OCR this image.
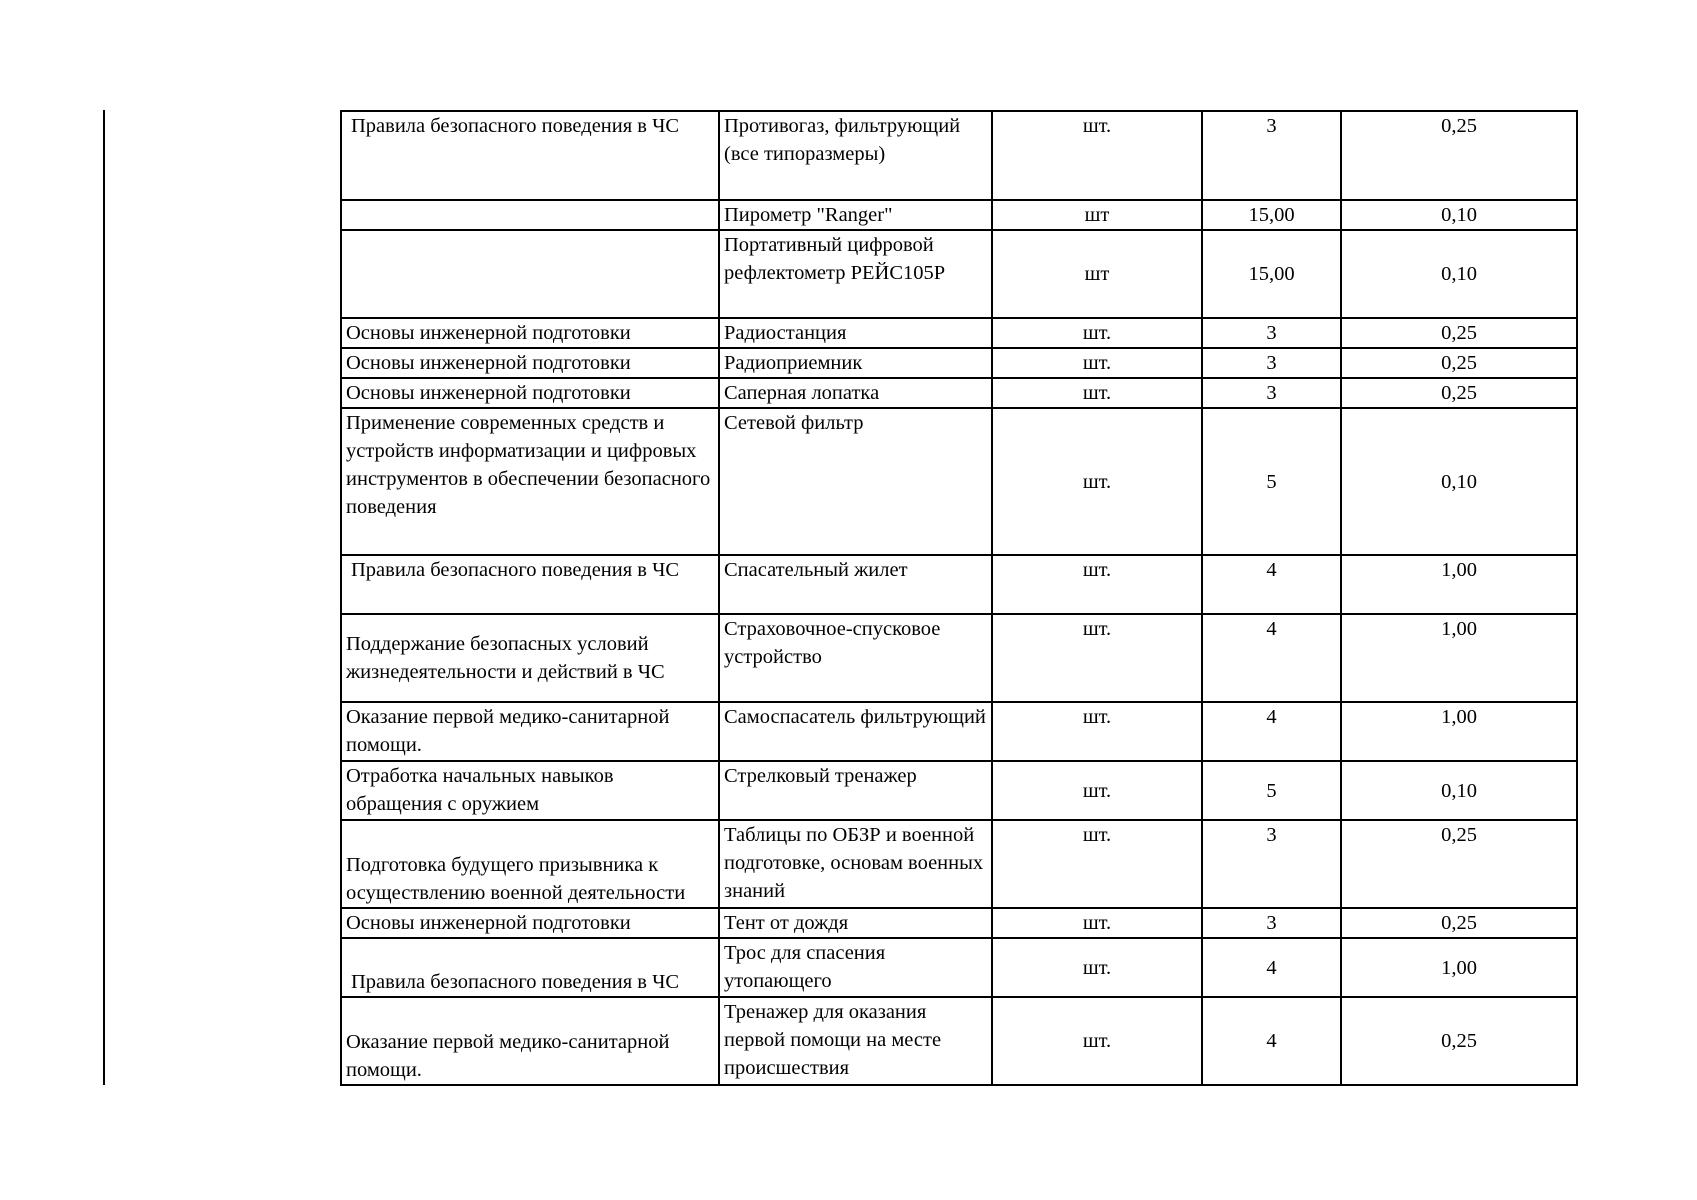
Правила безопасного поведения в ЧС	Противогаз, фильтрующий (все типоразмеры)	шт.	3	0,25
	Пирометр "Ranger"	шт	15,00	0,10
	Портативный цифровой рефлектометр РЕЙС105Р	шт	15,00	0,10
Основы инженерной подготовки	Радиостанция	шт.	3	0,25
Основы инженерной подготовки	Радиоприемник	шт.	3	0,25
Основы инженерной подготовки	Саперная лопатка	шт.	3	0,25
Применение современных средств и устройств информатизации и цифровых инструментов в обеспечении безопасного поведения	Сетевой фильтр	шт.	5	0,10
Правила безопасного поведения в ЧС	Спасательный жилет	шт.	4	1,00
Поддержание безопасных условий жизнедеятельности и действий в ЧС	Страховочное-спусковое устройство	шт.	4	1,00
Оказание первой медико-санитарной помощи.	Самоспасатель фильтрующий	шт.	4	1,00
Отработка начальных навыков обращения с оружием	Стрелковый тренажер	шт.	5	0,10
Подготовка будущего призывника к осуществлению военной деятельности	Таблицы по ОБЗР и военной подготовке, основам военных знаний	шт.	3	0,25
Основы инженерной подготовки	Тент от дождя	шт.	3	0,25
Правила безопасного поведения в ЧС	Трос для спасения утопающего	шт.	4	1,00
Оказание первой медико-санитарной помощи.	Тренажер для оказания первой помощи на месте происшествия	шт.	4	0,25
